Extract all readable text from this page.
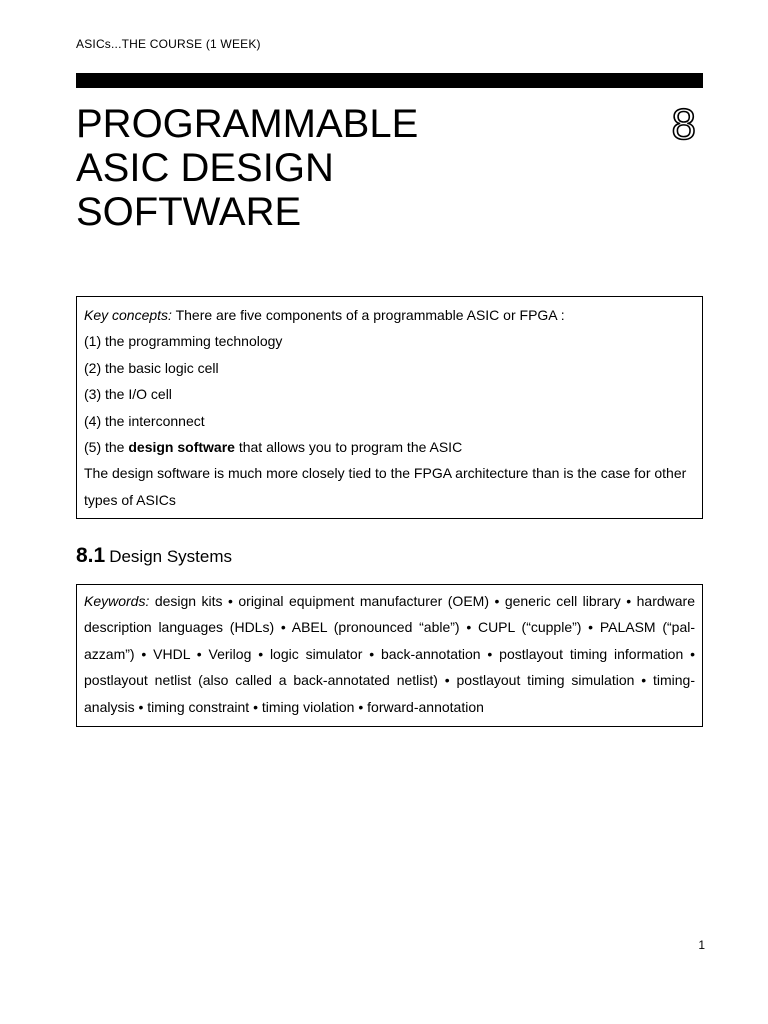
ASICs...THE COURSE (1 WEEK)
PROGRAMMABLE
ASIC DESIGN
SOFTWARE
8

Key concepts: There are five components of a programmable ASIC or FPGA :

(1) the programming technology

(2) the basic logic cell

(3) the I/O cell

(4) the interconnect

(5) the design software that allows you to program the ASIC

The design software is much more closely tied to the FPGA architecture than is the case for other types of ASICs

8.1 Design Systems

Keywords: design kits • original equipment manufacturer (OEM) • generic cell library • hardware description languages (HDLs) • ABEL (pronounced “able”) • CUPL (“cupple”) • PALASM (“pal-azzam”) • VHDL • Verilog • logic simulator • back-annotation • postlayout timing information • postlayout netlist (also called a back-annotated netlist) • postlayout timing simulation • timing-analysis • timing constraint • timing violation • forward-annotation

1
